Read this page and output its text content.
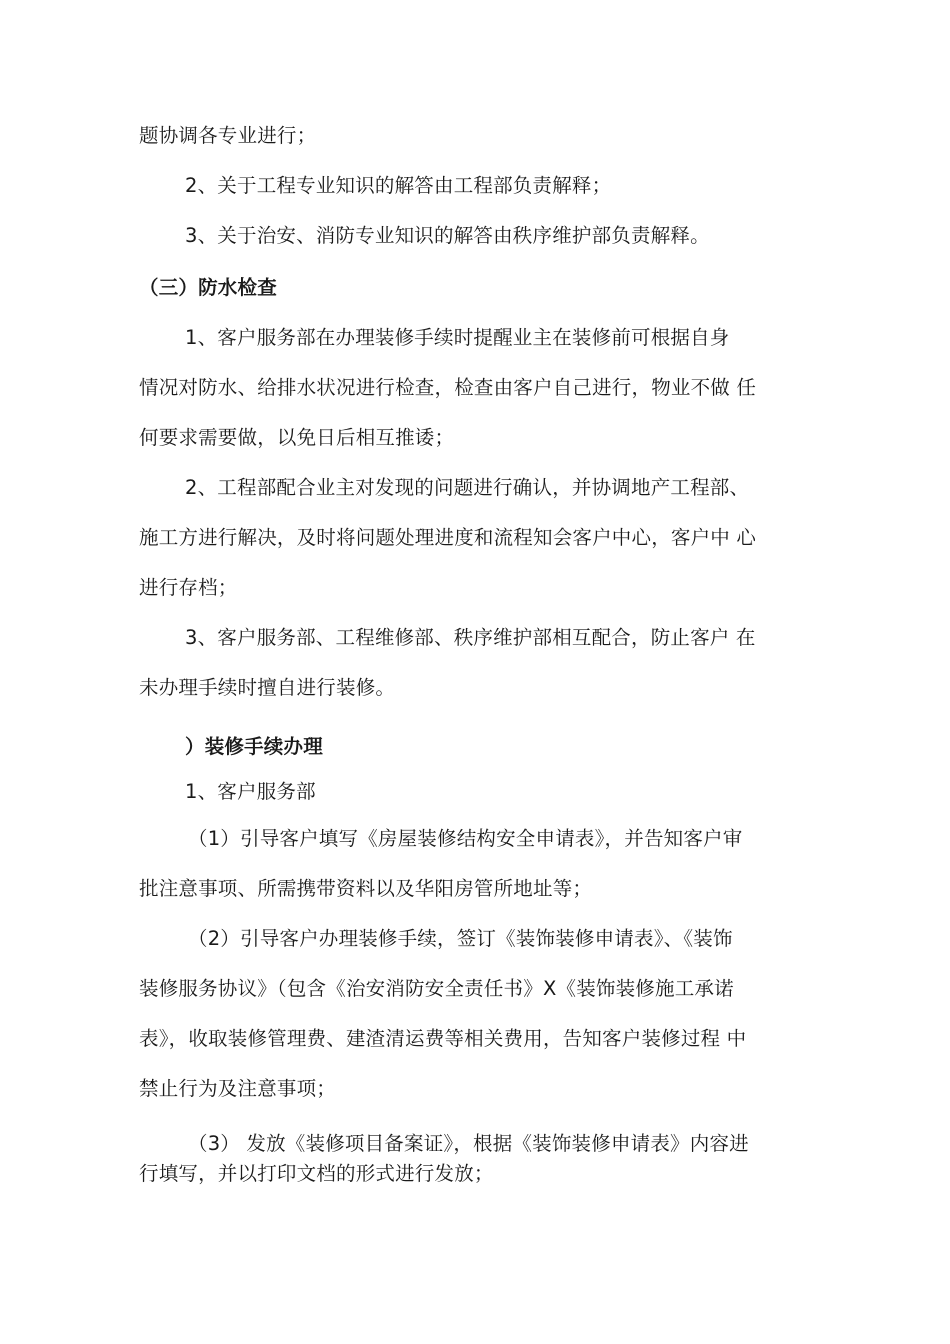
题协调各专业进行；
2、关于工程专业知识的解答由工程部负责解释；
3、关于治安、消防专业知识的解答由秩序维护部负责解释。
（三）防水检查
1、客户服务部在办理装修手续时提醒业主在装修前可根据自身
情况对防水、给排水状况进行检查，检查由客户自己进行，物业不做 任
何要求需要做，以免日后相互推诿；
2、工程部配合业主对发现的问题进行确认，并协调地产工程部、
施工方进行解决，及时将问题处理进度和流程知会客户中心，客户中 心
进行存档；
3、客户服务部、工程维修部、秩序维护部相互配合，防止客户 在
未办理手续时擅自进行装修。
）装修手续办理
1、客户服务部
（1）引导客户填写《房屋装修结构安全申请表》，并告知客户审
批注意事项、所需携带资料以及华阳房管所地址等；
（2）引导客户办理装修手续，签订《装饰装修申请表》、《装饰
装修服务协议》（包含《治安消防安全责任书》X《装饰装修施工承诺
表》，收取装修管理费、建渣清运费等相关费用，告知客户装修过程 中
禁止行为及注意事项；
（3） 发放《装修项目备案证》，根据《装饰装修申请表》内容进
行填写，并以打印文档的形式进行发放；
